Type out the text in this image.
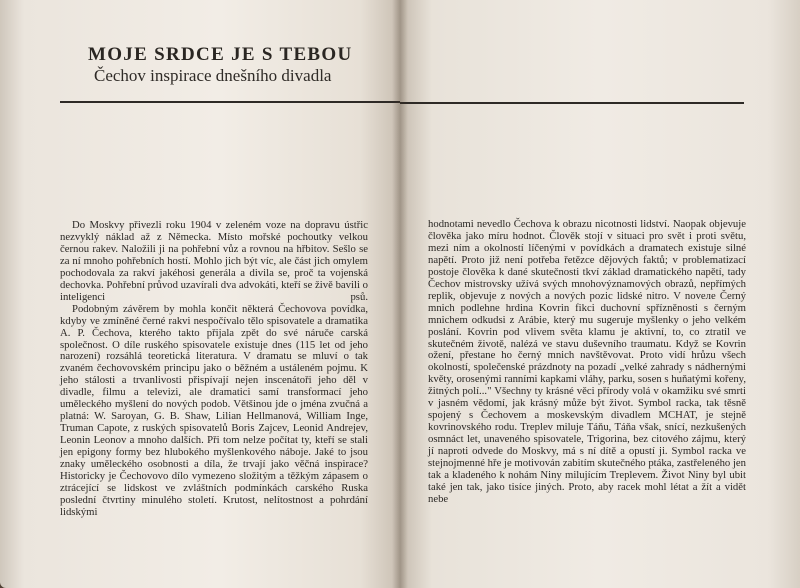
MOJE SRDCE JE S TEBOU
Čechov inspirace dnešního divadla

Do Moskvy přivezli roku 1904 v zeleném voze na dopravu ústřic nezvyklý náklad až z Německa. Místo mořské pochoutky velkou černou rakev. Naložili ji na pohřební vůz a rovnou na hřbitov. Sešlo se za ní mnoho pohřebních hostí. Mohlo jich být víc, ale část jich omylem pochodovala za rakví jakéhosi generála a divila se, proč ta vojenská dechovka. Pohřební průvod uzavírali dva advokáti, kteří se živě bavili o inteligenci psů.

Podobným závěrem by mohla končit některá Čechovova povídka, kdyby ve zmíněné černé rakvi nespočívalo tělo spisovatele a dramatika A. P. Čechova, kterého takto přijala zpět do své náruče carská společnost. O dílе ruského spisovatele existuje dnes (115 let od jeho narození) rozsáhlá teoretická literatura. V dramatu se mluví o tak zvaném čechovovském principu jako o běžném a ustáleném pojmu. K jeho stálosti a trvanlivosti přispívají nejen inscenátoři jeho děl v divadle, filmu a televizi, ale dramatici samí transformací jeho uměleckého myšlení do nových podob. Většinou jde o jména zvučná a platná: W. Saroyan, G. B. Shaw, Lilian Hellmanová, William Inge, Truman Capote, z ruských spisovatelů Boris Zajcev, Leonid Andrejev, Leonin Leonov a mnoho dalších. Při tom nelze počítat ty, kteří se stali jen epigony formy bez hlubokého myšlenkového náboje. Jaké to jsou znaky uměleckého osobnosti a díla, že trvají jako věčná inspirace? Historicky je Čechovovo dílo vymezeno složitým a těžkým zápasem o ztrácející se lidskost ve zvláštních podmínkách carského Ruska poslední čtvrtiny minulého století. Krutost, nelítostnost a pohrdání lidskými

hodnotami nevedlo Čechova k obrazu nicotnosti lidství. Naopak objevuje člověka jako míru hodnot. Člověk stojí v situaci pro svět i proti světu, mezi ním a okolností líčenými v povídkách a dramatech existuje silné napětí. Proto již není potřeba řetězce dějových faktů; v problematizací postoje člověka k dané skutečnosti tkví základ dramatického napětí, tady Čechov mistrovsky užívá svých mnohovýznamových obrazů, nepřímých replik, objevuje z nových a nových pozic lidské nitro. V noveле Černý mnich podlehne hrdina Kovrin fikci duchovní spřízněnosti s černým mnichem odkudsi z Arábie, který mu sugeruje myšlenky o jeho velkém poslání. Kovrin pod vlivem světa klamu je aktivní, to, co ztratil ve skutečném životě, nalézá ve stavu duševního traumatu. Když se Kovrin ožení, přestane ho černý mnich navštěvovat. Proto vidí hrůzu všech okolností, společenské prázdnoty na pozadí „velké zahrady s nádhernými květy, orosenými ranními kapkami vláhy, parku, sosen s huňatými kořeny, žitných polí..." Všechny ty krásné věci přírody volá v okamžiku své smrti v jasném vědomí, jak krásný může být život. Symbol racka, tak těsně spojený s Čechovem a moskevským divadlem MCHAT, je stejně kovrinovského rodu. Treplev miluje Táňu, Táňa však, snící, nezkušených osmnáct let, unaveného spisovatele, Trigorina, bez citového zájmu, který jí naproti odvede do Moskvy, má s ní dítě a opustí ji. Symbol racka ve stejnojmenné hře je motivován zabitím skutečného ptáka, zastřeleného jen tak a kladeného k nohám Niny milujícím Treplevem. Život Niny byl ubit také jen tak, jako tisíce jiných. Proto, aby racek mohl létat a žít a vidět nebe
